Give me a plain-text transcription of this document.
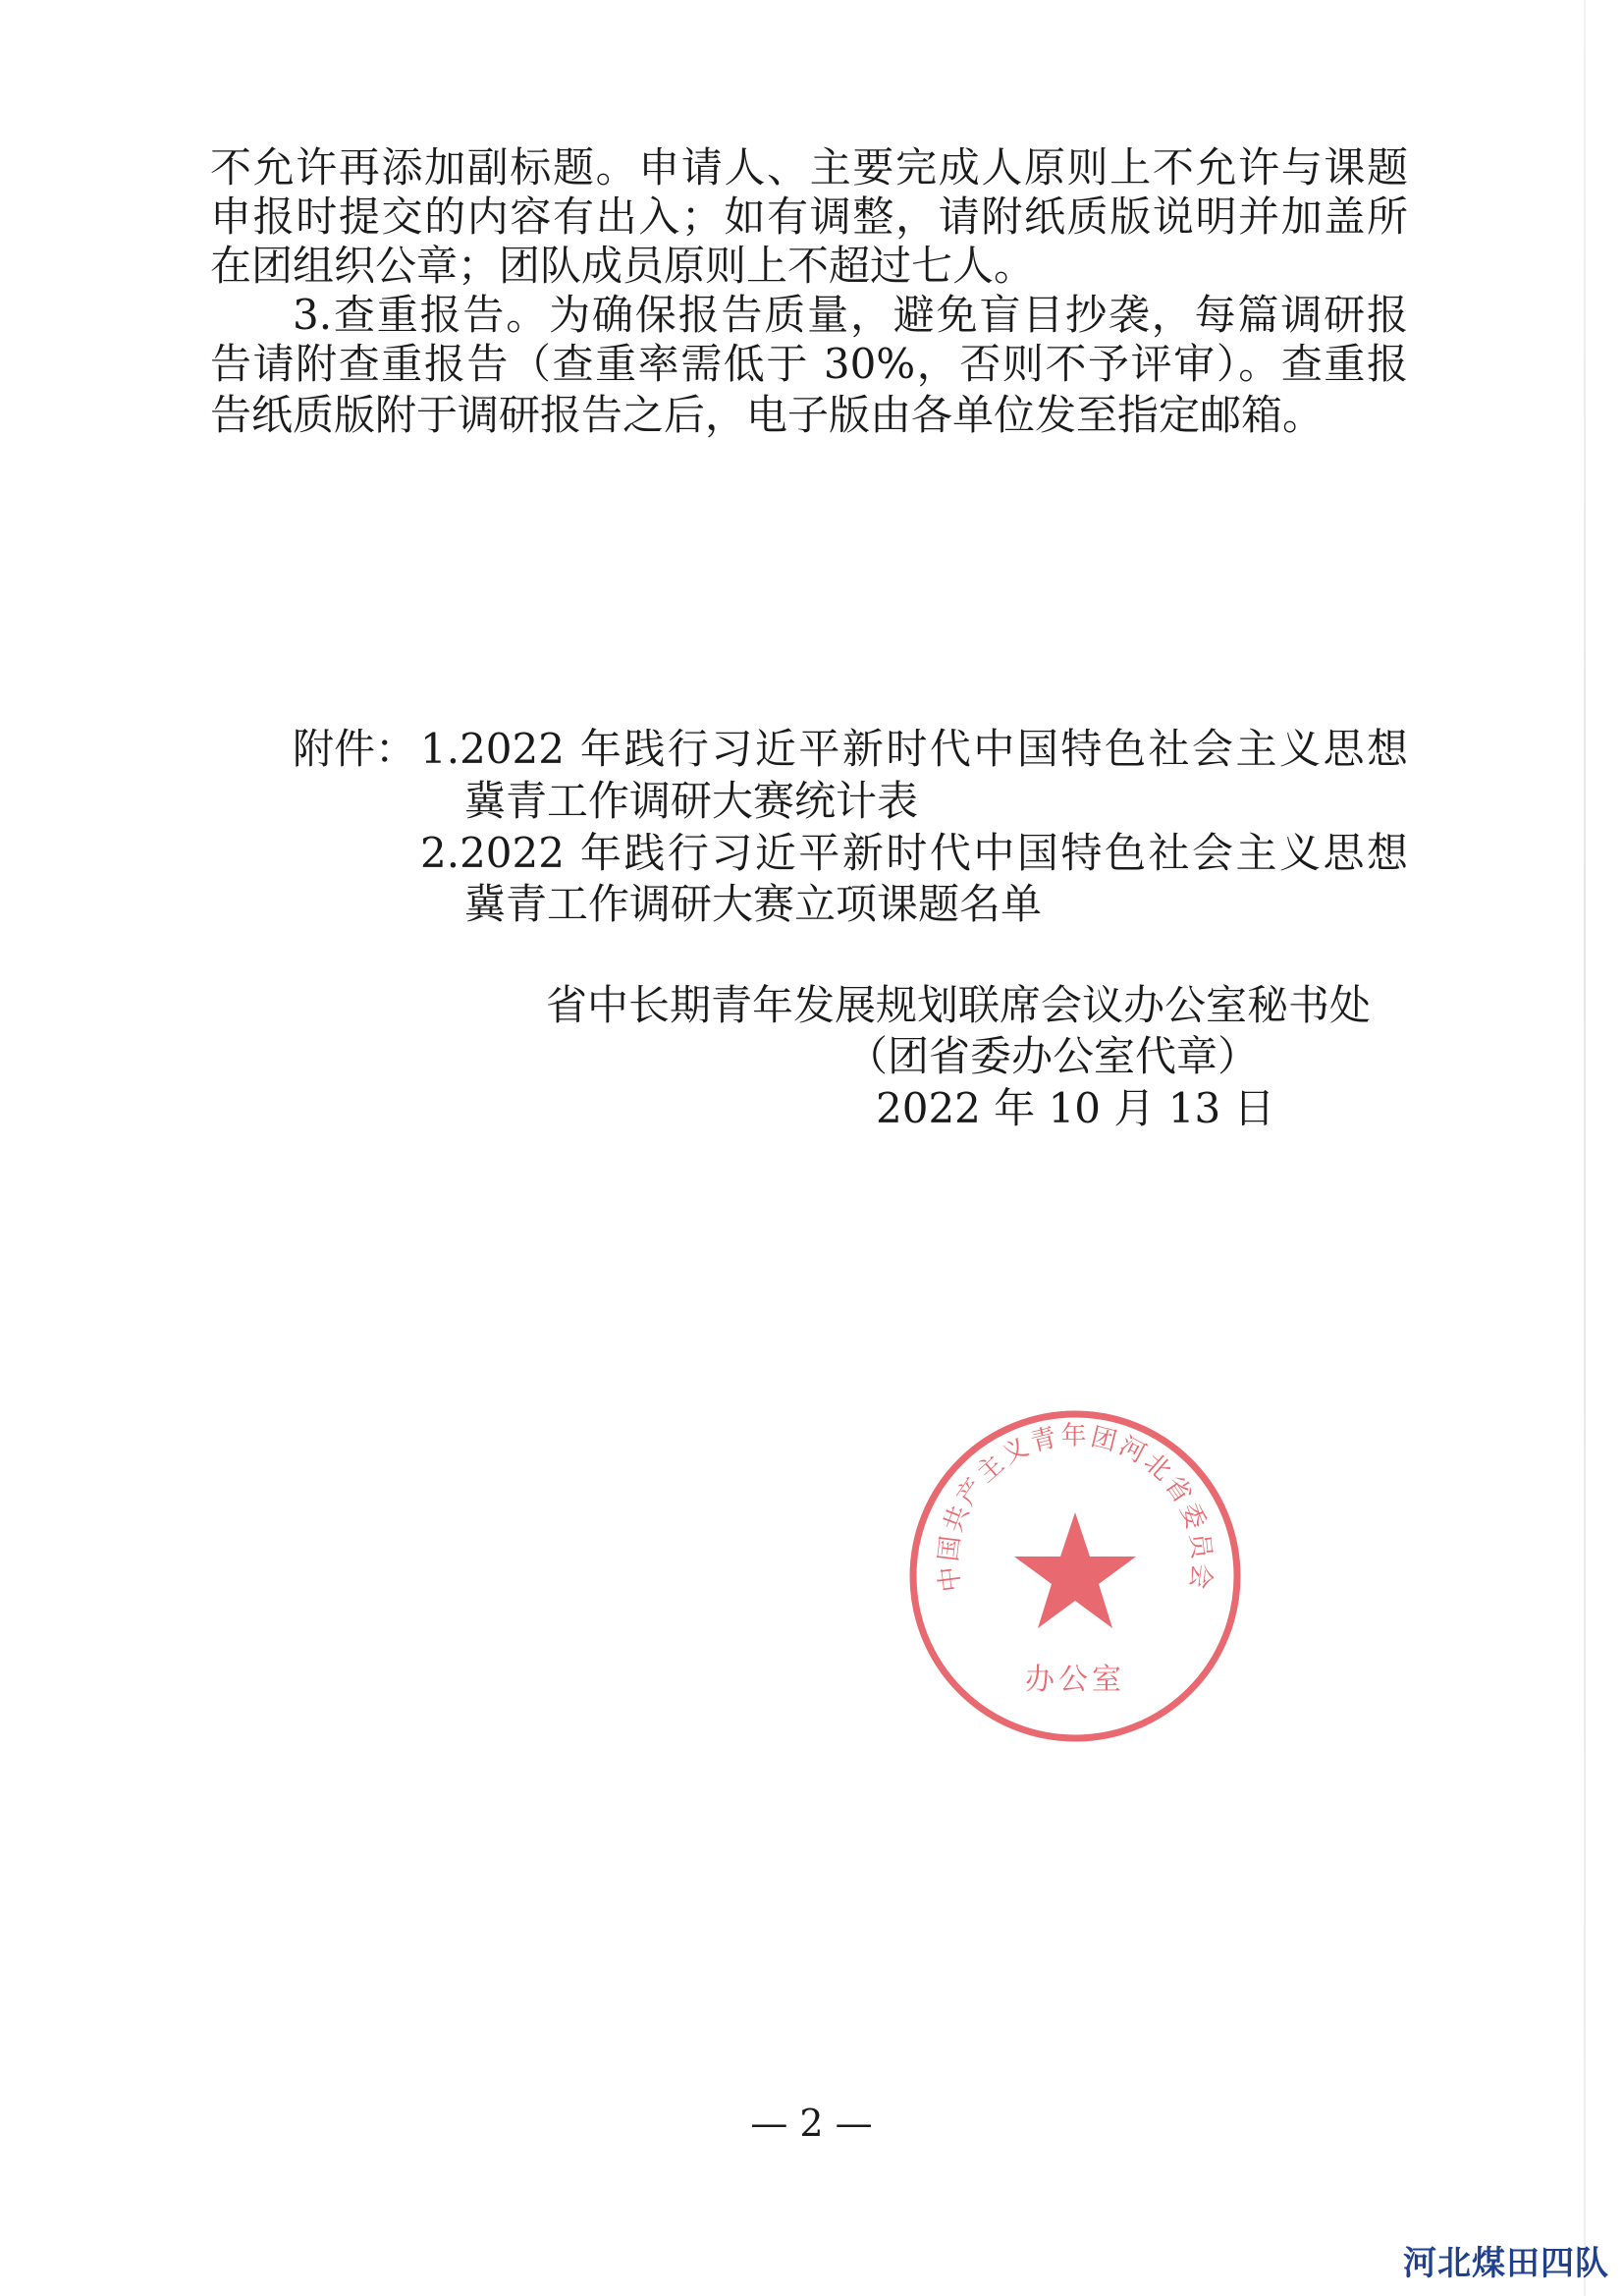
不允许再添加副标题。申请人、主要完成人原则上不允许与课题
申报时提交的内容有出入；如有调整，请附纸质版说明并加盖所
在团组织公章；团队成员原则上不超过七人。
3.查重报告。为确保报告质量，避免盲目抄袭，每篇调研报
告请附查重报告（查重率需低于 30%，否则不予评审）。查重报
告纸质版附于调研报告之后，电子版由各单位发至指定邮箱。
附件： 1.2022 年践行习近平新时代中国特色社会主义思想
冀青工作调研大赛统计表
2.2022 年践行习近平新时代中国特色社会主义思想
冀青工作调研大赛立项课题名单
中国共产主义青年团河北省委员会
办公室
省中长期青年发展规划联席会议办公室秘书处
（团省委办公室代章）
2022 年 10 月 13 日
— 2 —
河北煤田四队
